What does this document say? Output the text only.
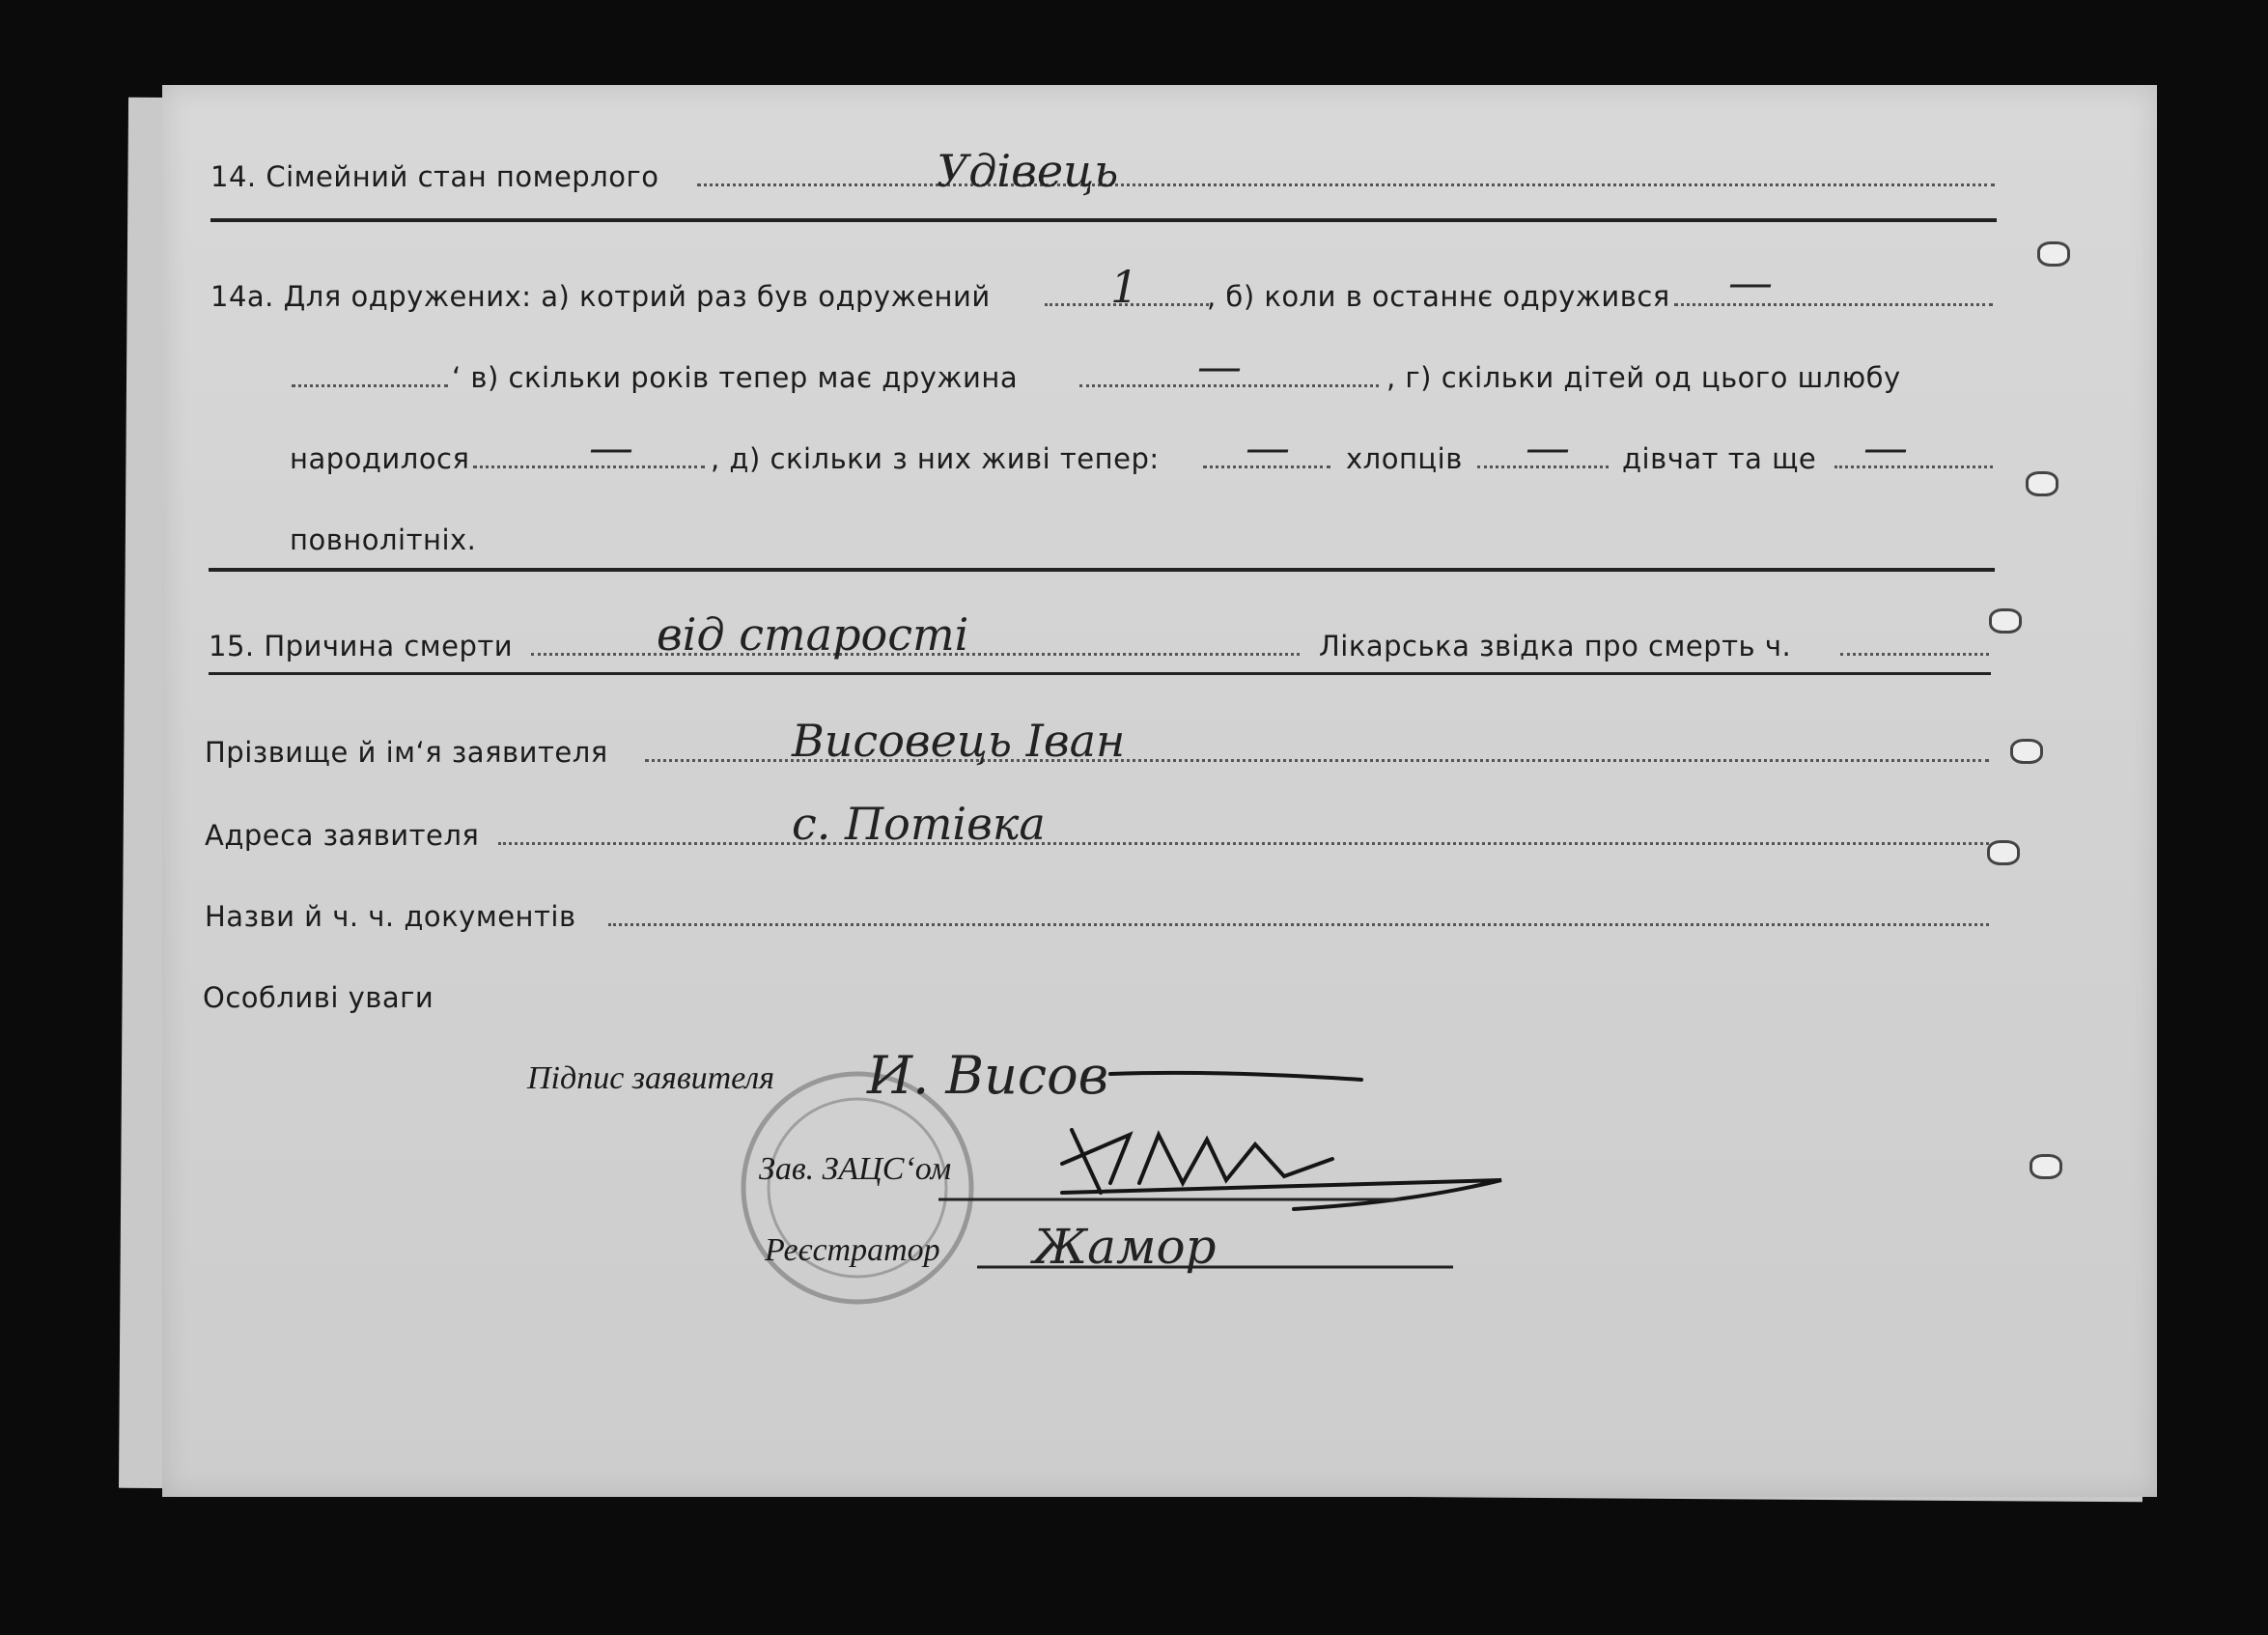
14. Сімейний стан померлого	Удівець
14а. Для одружених: а) котрий раз був одружений	1 , б) коли в останнє одружився —
‘ в) скільки років тепер має дружина	—	, г) скільки дітей од цього шлюбу
народилося	—	, д) скільки з них живі тепер: — хлопців — дівчат та ще —
повнолітніх.
15. Причина смерти	від старості	Лікарська звідка про смерть ч.
Прізвище й ім‘я заявителя	Висовець Іван
Адреса заявителя	с. Потівка
Назви й ч. ч. документів
Особливі уваги
Підпис заявителя И. Висов
Зав. ЗАЦС‘ом
Реєстратор Жамор
